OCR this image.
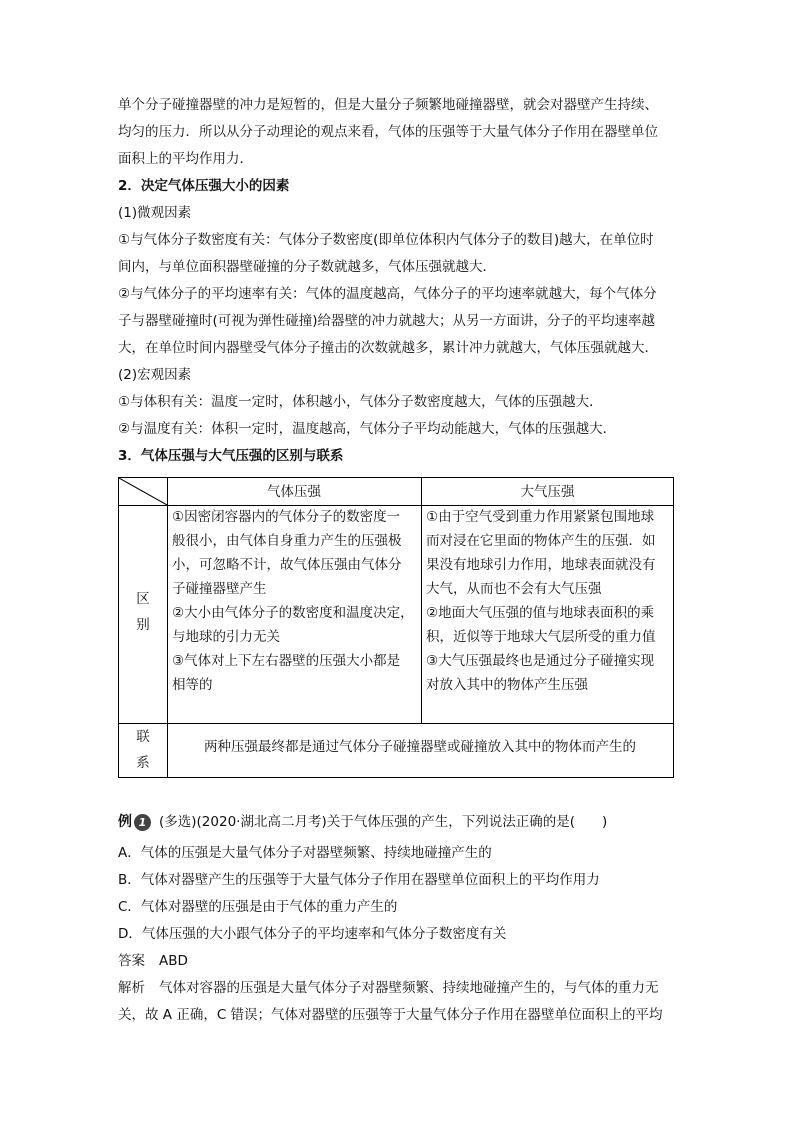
单个分子碰撞器壁的冲力是短暂的，但是大量分子频繁地碰撞器壁，就会对器壁产生持续、
均匀的压力．所以从分子动理论的观点来看，气体的压强等于大量气体分子作用在器壁单位
面积上的平均作用力．
2．决定气体压强大小的因素
(1)微观因素
①与气体分子数密度有关：气体分子数密度(即单位体积内气体分子的数目)越大，在单位时
间内，与单位面积器壁碰撞的分子数就越多，气体压强就越大．
②与气体分子的平均速率有关：气体的温度越高，气体分子的平均速率就越大，每个气体分
子与器壁碰撞时(可视为弹性碰撞)给器壁的冲力就越大；从另一方面讲，分子的平均速率越
大，在单位时间内器壁受气体分子撞击的次数就越多，累计冲力就越大，气体压强就越大．
(2)宏观因素
①与体积有关：温度一定时，体积越小，气体分子数密度越大，气体的压强越大．
②与温度有关：体积一定时，温度越高，气体分子平均动能越大，气体的压强越大．
3．气体压强与大气压强的区别与联系
气体压强	大气压强
区
别
①因密闭容器内的气体分子的数密度一
般很小，由气体自身重力产生的压强极
小，可忽略不计，故气体压强由气体分
子碰撞器壁产生
②大小由气体分子的数密度和温度决定，
与地球的引力无关
③气体对上下左右器壁的压强大小都是
相等的
①由于空气受到重力作用紧紧包围地球
而对浸在它里面的物体产生的压强．如
果没有地球引力作用，地球表面就没有
大气，从而也不会有大气压强
②地面大气压强的值与地球表面积的乘
积，近似等于地球大气层所受的重力值
③大气压强最终也是通过分子碰撞实现
对放入其中的物体产生压强
联
系
两种压强最终都是通过气体分子碰撞器壁或碰撞放入其中的物体而产生的
例 1 (多选)(2020·湖北高二月考)关于气体压强的产生，下列说法正确的是(　　)
A．气体的压强是大量气体分子对器壁频繁、持续地碰撞产生的
B．气体对器壁产生的压强等于大量气体分子作用在器壁单位面积上的平均作用力
C．气体对器壁的压强是由于气体的重力产生的
D．气体压强的大小跟气体分子的平均速率和气体分子数密度有关
答案 ABD
解析 气体对容器的压强是大量气体分子对器壁频繁、持续地碰撞产生的，与气体的重力无
关，故 A 正确，C 错误；气体对器壁的压强等于大量气体分子作用在器壁单位面积上的平均
